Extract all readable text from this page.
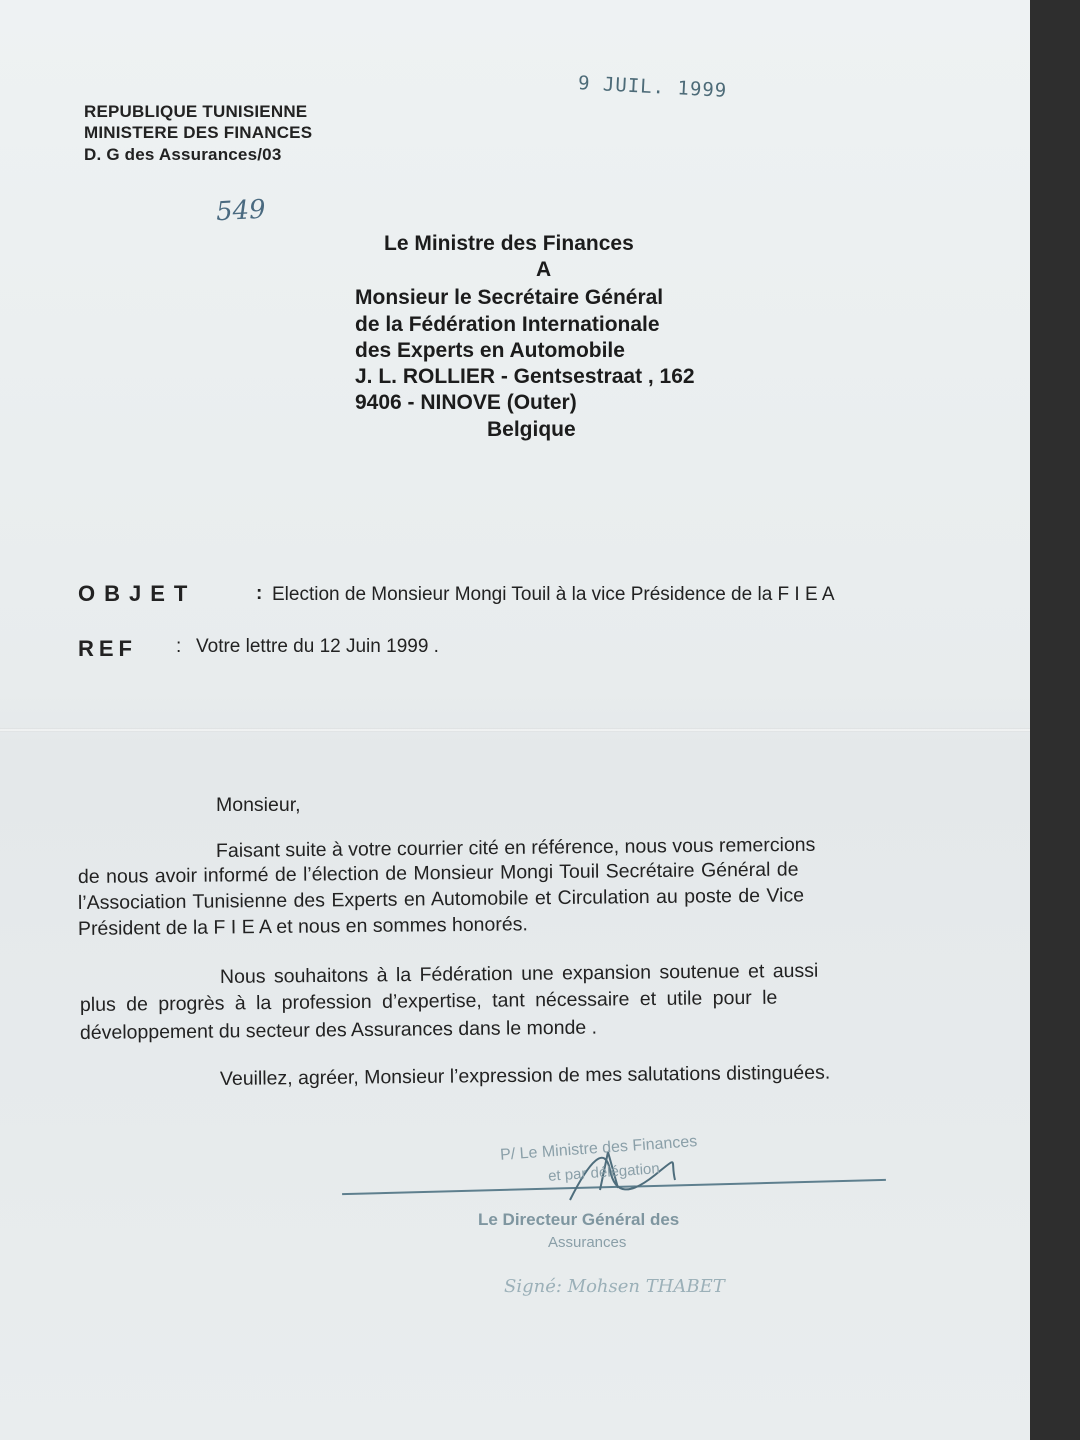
REPUBLIQUE TUNISIENNE
MINISTERE DES FINANCES
D. G des Assurances/03
9 JUIL. 1999
549
Le Ministre des Finances
A
Monsieur le Secrétaire Général
de la Fédération Internationale
des Experts en Automobile
J. L. ROLLIER - Gentsestraat , 162
9406 - NINOVE (Outer)
Belgique
OBJET	: Election de Monsieur Mongi Touil à la vice Présidence de la F I E A
REF : Votre lettre du 12 Juin 1999 .
Monsieur,
Faisant suite à votre courrier cité en référence, nous vous remercions
de nous avoir informé de l’élection de Monsieur Mongi Touil Secrétaire Général de
l’Association Tunisienne des Experts en Automobile et Circulation au poste de Vice
Président de la F I E A et nous en sommes honorés.
Nous souhaitons à la Fédération une expansion soutenue et aussi
plus de progrès à la profession d’expertise, tant nécessaire et utile pour le
développement du secteur des Assurances dans le monde .
Veuillez, agréer, Monsieur l’expression de mes salutations distinguées.
P/ Le Ministre des Finances
et par délégation
Le Directeur Général des
Assurances
Signé: Mohsen THABET
